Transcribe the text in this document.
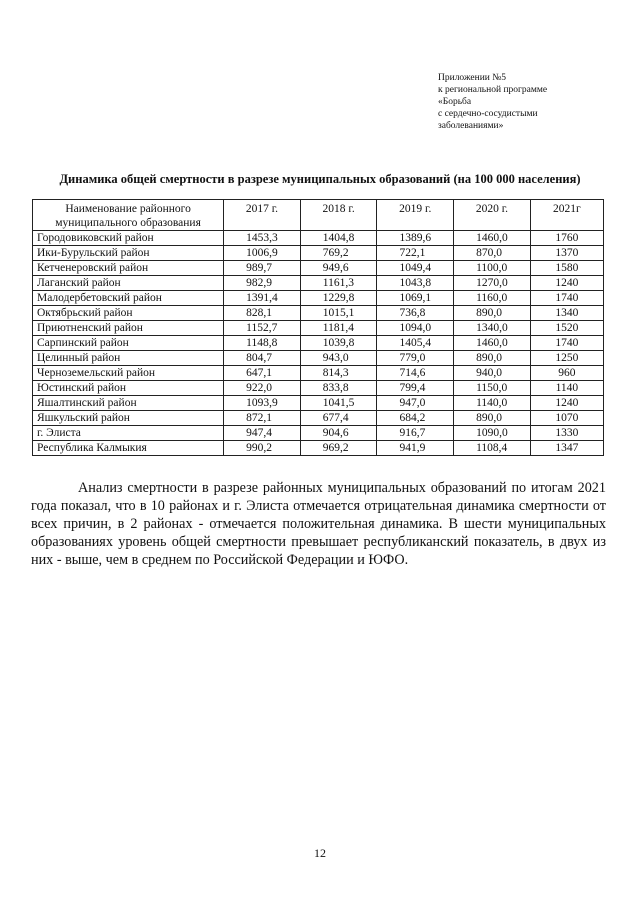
Приложении №5
к региональной программе
«Борьба
с сердечно-сосудистыми
заболеваниями»
Динамика общей смертности в разрезе муниципальных образований (на 100 000 населения)
Наименование районного муниципального образования	2017 г.	2018 г.	2019 г.	2020 г.	2021г
Городовиковский район	1453,3	1404,8	1389,6	1460,0	1760
Ики-Бурульский район	1006,9	769,2	722,1	870,0	1370
Кетченеровский район	989,7	949,6	1049,4	1100,0	1580
Лаганский район	982,9	1161,3	1043,8	1270,0	1240
Малодербетовский район	1391,4	1229,8	1069,1	1160,0	1740
Октябрьский район	828,1	1015,1	736,8	890,0	1340
Приютненский район	1152,7	1181,4	1094,0	1340,0	1520
Сарпинский район	1148,8	1039,8	1405,4	1460,0	1740
Целинный район	804,7	943,0	779,0	890,0	1250
Черноземельский район	647,1	814,3	714,6	940,0	960
Юстинский район	922,0	833,8	799,4	1150,0	1140
Яшалтинский район	1093,9	1041,5	947,0	1140,0	1240
Яшкульский район	872,1	677,4	684,2	890,0	1070
г. Элиста	947,4	904,6	916,7	1090,0	1330
Республика Калмыкия	990,2	969,2	941,9	1108,4	1347
Анализ смертности в разрезе районных муниципальных образований по итогам 2021 года показал, что в 10 районах и г. Элиста отмечается отрицательная динамика смертности от всех причин, в 2 районах - отмечается положительная динамика. В шести муниципальных образованиях уровень общей смертности превышает республиканский показатель, в двух из них - выше, чем в среднем по Российской Федерации и ЮФО.
12
